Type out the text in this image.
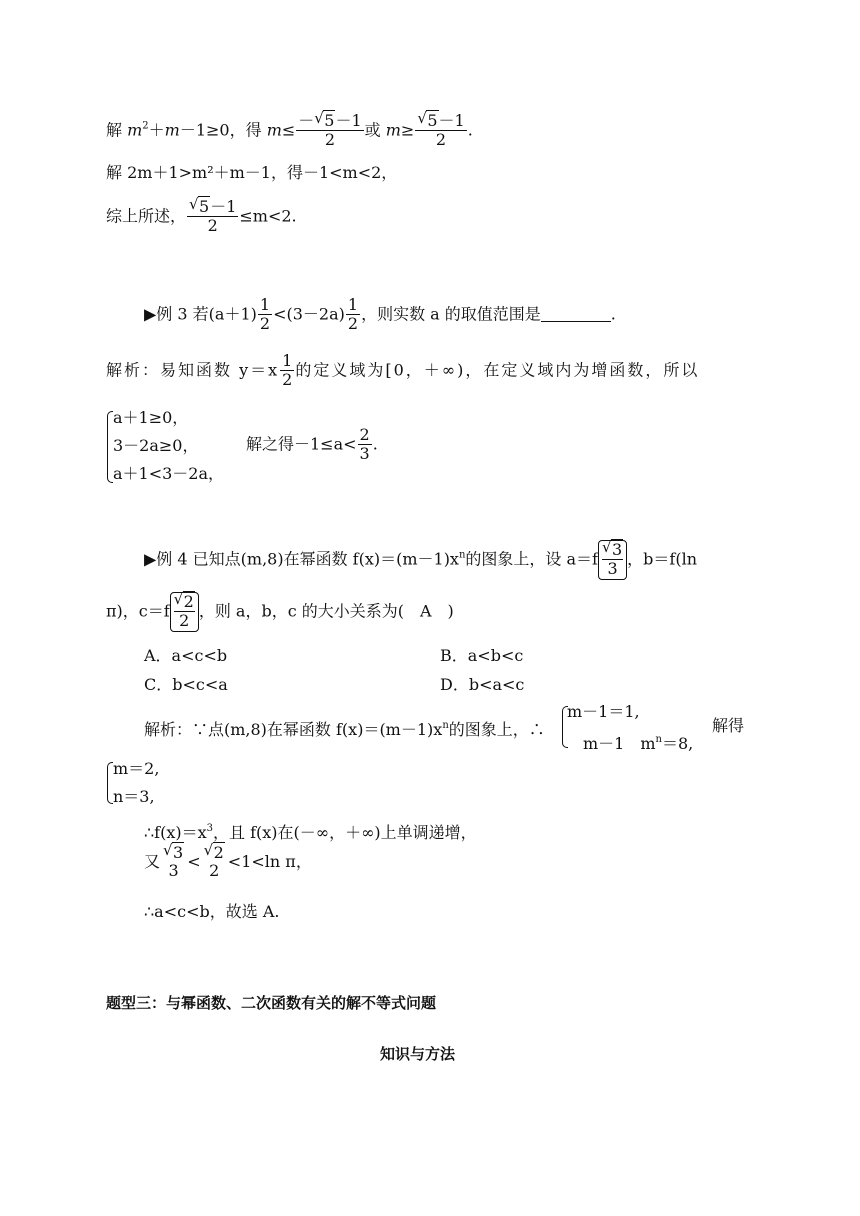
解 $m^2+m-1\ge 0$，得 $m\le \frac{- √ 5-1}{2}$ 或 m≥ √ $\frac{5-1}{2}$ .
解 2m＋1>m²＋m－1，得－1<m<2，
综上所述， √ $\frac{5-1}{2} \le m<2$.
▶例 3 若$(a+1) \frac{1}{2} <(3-2a) \frac{1}{2}$ ，则实数 a 的取值范围是	.
解析：易知函数 $y=x \frac{1}{2}$ 的定义域为[0，＋∞)，在定义域内为增函数，所以
a＋1≥0，
3－2a≥0，
a＋1<3－2a，
解之得$-1\le a< \frac{2}{3}$ .
▶例 4 已知点(m,8)在幂函数 $f(x)=(m-1)x^n$的图象上，设 a＝f √ $\frac{3}{3}$，b＝f(ln
π)，c＝f √ $\frac{2}{2}$，则 a，b，c 的大小关系为(　A　)
A．a<c<b	B．a<b<c
C．b<c<a	D．b<a<c
解析：∵点(m,8)在幂函数 $f(x)=(m-1)x^n$的图象上，∴
m－1＝1,
m－1　$m^n=8$,
解得
m＝2,
n＝3,
$\therefore f(x)=x^3$，且 f(x)在(－∞，＋∞)上单调递增，
又 √ 3
3 < √ 2
2 <1<ln π，
∴a<c<b，故选 A.
题型三：与幂函数、二次函数有关的解不等式问题
知识与方法
